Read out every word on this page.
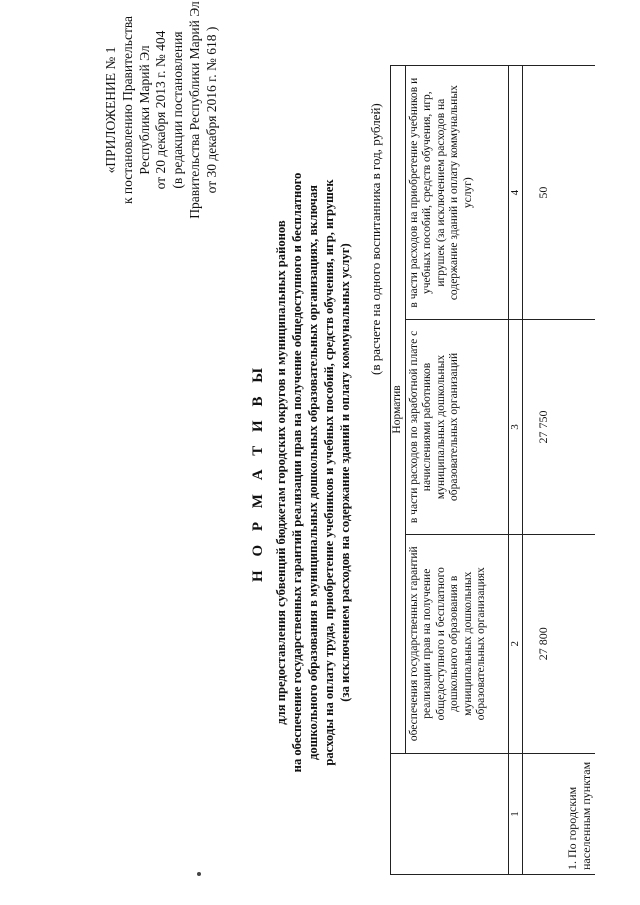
«ПРИЛОЖЕНИЕ № 1 к постановлению Правительства Республики Марий Эл от 20 декабря 2013 г. № 404 (в редакции постановления Правительства Республики Марий Эл от 30 декабря 2016 г. № 618 )
Н О Р М А Т И В Ы для предоставления субвенций бюджетам городских округов и муниципальных районов на обеспечение государственных гарантий реализации прав на получение общедоступного и бесплатного дошкольного образования в муниципальных дошкольных образовательных организациях, включая расходы на оплату труда, приобретение учебников и учебных пособий, средств обучения, игр, игрушек (за исключением расходов на содержание зданий и оплату коммунальных услуг)
(в расчете на одного воспитанника в год, рублей)
	Норматив		
	обеспечения государственных гарантий реализации прав на получение общедоступного и бесплатного дошкольного образования в муниципальных дошкольных образовательных организациях	в части расходов по заработной плате с начислениями работников муниципальных дошкольных образовательных организаций	в части расходов на приобретение учебников и учебных пособий, средств обучения, игр, игрушек (за исключением расходов на содержание зданий и оплату коммунальных услуг)
1	2	3	4
1. По городским населенным пунктам	27 800	27 750	50
